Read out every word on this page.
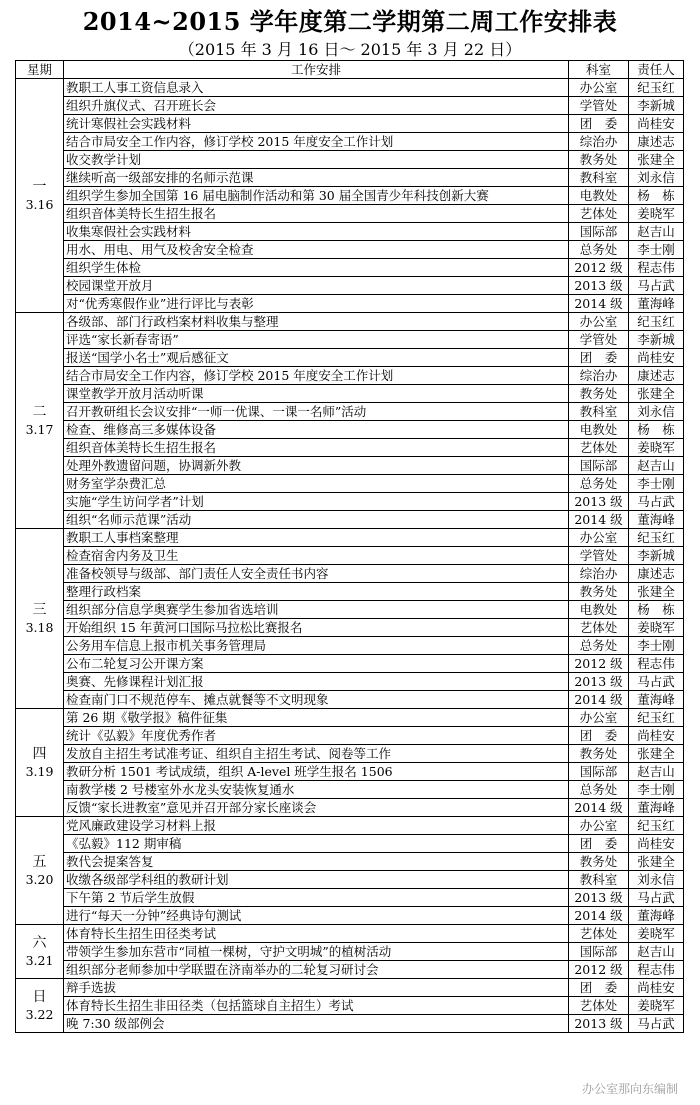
2014~2015 学年度第二学期第二周工作安排表
（2015 年 3 月 16 日～ 2015 年 3 月 22 日）
星期	工作安排	科室	责任人

一
3.16	教职工人事工资信息录入	办公室	纪玉红
	组织升旗仪式、召开班长会	学管处	李新城
	统计寒假社会实践材料	团　委	尚桂安
	结合市局安全工作内容，修订学校 2015 年度安全工作计划	综治办	康述志
	收交教学计划	教务处	张建全
	继续听高一级部安排的名师示范课	教科室	刘永信
	组织学生参加全国第 16 届电脑制作活动和第 30 届全国青少年科技创新大赛	电教处	杨　栋
	组织音体美特长生招生报名	艺体处	姜晓军
	收集寒假社会实践材料	国际部	赵吉山
	用水、用电、用气及校舍安全检查	总务处	李士刚
	组织学生体检	2012 级	程志伟
	校园课堂开放月	2013 级	马占武
	对“优秀寒假作业”进行评比与表彰	2014 级	董海峰

二
3.17	各级部、部门行政档案材料收集与整理	办公室	纪玉红
	评选“家长新春寄语”	学管处	李新城
	报送“国学小名士”观后感征文	团　委	尚桂安
	结合市局安全工作内容，修订学校 2015 年度安全工作计划	综治办	康述志
	课堂教学开放月活动听课	教务处	张建全
	召开教研组长会议安排“一师一优课、一课一名师”活动	教科室	刘永信
	检查、维修高三多媒体设备	电教处	杨　栋
	组织音体美特长生招生报名	艺体处	姜晓军
	处理外教遗留问题，协调新外教	国际部	赵吉山
	财务室学杂费汇总	总务处	李士刚
	实施“学生访问学者”计划	2013 级	马占武
	组织“名师示范课”活动	2014 级	董海峰

三
3.18	教职工人事档案整理	办公室	纪玉红
	检查宿舍内务及卫生	学管处	李新城
	准备校领导与级部、部门责任人安全责任书内容	综治办	康述志
	整理行政档案	教务处	张建全
	组织部分信息学奥赛学生参加省选培训	电教处	杨　栋
	开始组织 15 年黄河口国际马拉松比赛报名	艺体处	姜晓军
	公务用车信息上报市机关事务管理局	总务处	李士刚
	公布二轮复习公开课方案	2012 级	程志伟
	奥赛、先修课程计划汇报	2013 级	马占武
	检查南门口不规范停车、摊点就餐等不文明现象	2014 级	董海峰

四
3.19	第 26 期《敬学报》稿件征集	办公室	纪玉红
	统计《弘毅》年度优秀作者	团　委	尚桂安
	发放自主招生考试准考证、组织自主招生考试、阅卷等工作	教务处	张建全
	教研分析 1501 考试成绩，组织 A-level 班学生报名 1506	国际部	赵吉山
	南教学楼 2 号楼室外水龙头安装恢复通水	总务处	李士刚
	反馈“家长进教室”意见并召开部分家长座谈会	2014 级	董海峰

五
3.20	党风廉政建设学习材料上报	办公室	纪玉红
	《弘毅》112 期审稿	团　委	尚桂安
	教代会提案答复	教务处	张建全
	收缴各级部学科组的教研计划	教科室	刘永信
	下午第 2 节后学生放假	2013 级	马占武
	进行“每天一分钟”经典诗句测试	2014 级	董海峰

六
3.21	体育特长生招生田径类考试	艺体处	姜晓军
	带领学生参加东营市“同植一棵树，守护文明城”的植树活动	国际部	赵吉山
	组织部分老师参加中学联盟在济南举办的二轮复习研讨会	2012 级	程志伟

日
3.22	辩手选拔	团　委	尚桂安
	体育特长生招生非田径类（包括篮球自主招生）考试	艺体处	姜晓军
	晚 7:30 级部例会	2013 级	马占武
办公室那向东编制
